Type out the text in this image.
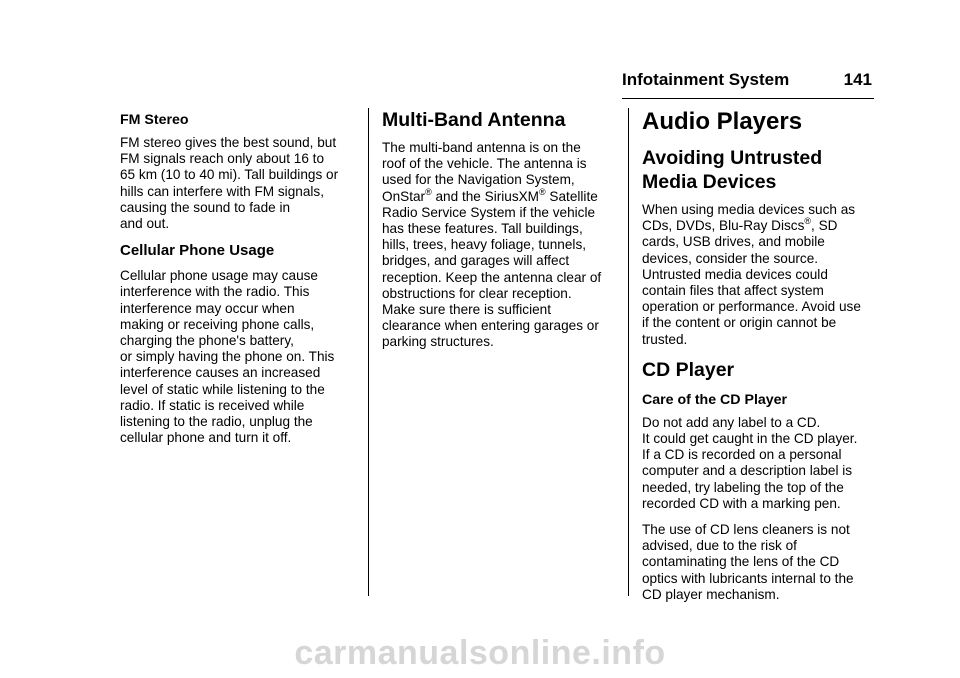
Infotainment System	141
FM Stereo

FM stereo gives the best sound, but
FM signals reach only about 16 to
65 km (10 to 40 mi). Tall buildings or
hills can interfere with FM signals,
causing the sound to fade in
and out.

Cellular Phone Usage

Cellular phone usage may cause
interference with the radio. This
interference may occur when
making or receiving phone calls,
charging the phone's battery,
or simply having the phone on. This
interference causes an increased
level of static while listening to the
radio. If static is received while
listening to the radio, unplug the
cellular phone and turn it off.

Multi-Band Antenna

The multi-band antenna is on the
roof of the vehicle. The antenna is
used for the Navigation System,
OnStar® and the SiriusXM® Satellite
Radio Service System if the vehicle
has these features. Tall buildings,
hills, trees, heavy foliage, tunnels,
bridges, and garages will affect
reception. Keep the antenna clear of
obstructions for clear reception.
Make sure there is sufficient
clearance when entering garages or
parking structures.

Audio Players
Avoiding Untrusted Media Devices

When using media devices such as
CDs, DVDs, Blu-Ray Discs®, SD
cards, USB drives, and mobile
devices, consider the source.
Untrusted media devices could
contain files that affect system
operation or performance. Avoid use
if the content or origin cannot be
trusted.

CD Player
Care of the CD Player

Do not add any label to a CD.
It could get caught in the CD player.
If a CD is recorded on a personal
computer and a description label is
needed, try labeling the top of the
recorded CD with a marking pen.

The use of CD lens cleaners is not
advised, due to the risk of
contaminating the lens of the CD
optics with lubricants internal to the
CD player mechanism.

carmanualsonline.info
